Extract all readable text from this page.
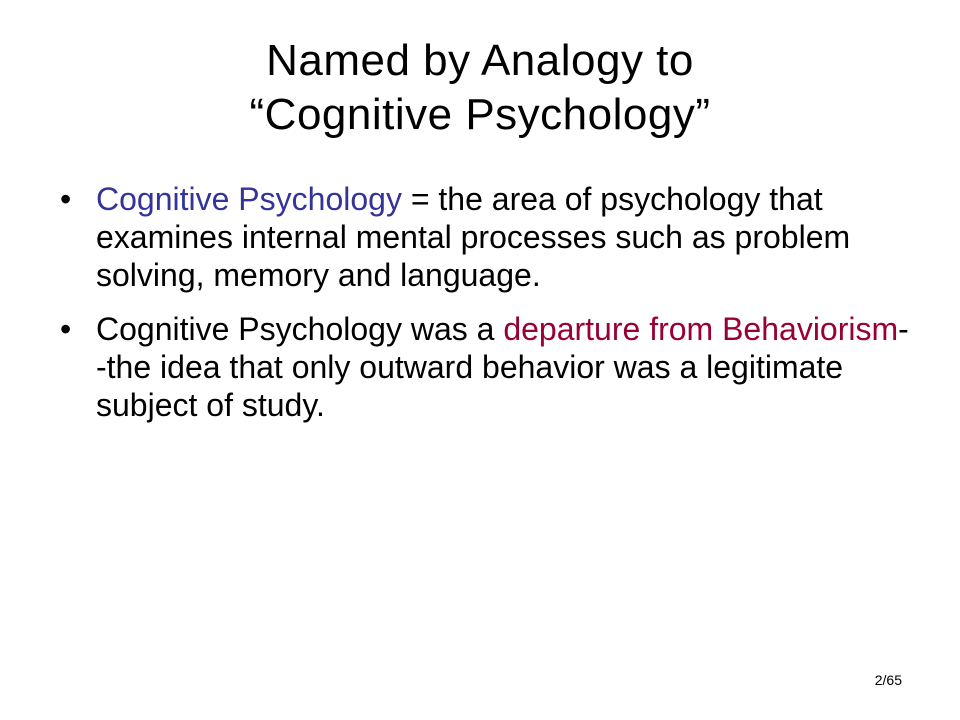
Named by Analogy to
“Cognitive Psychology”
• Cognitive Psychology = the area of psychology that examines internal mental processes such as problem solving, memory and language.
• Cognitive Psychology was a departure from Behaviorism--the idea that only outward behavior was a legitimate subject of study.
2/65
